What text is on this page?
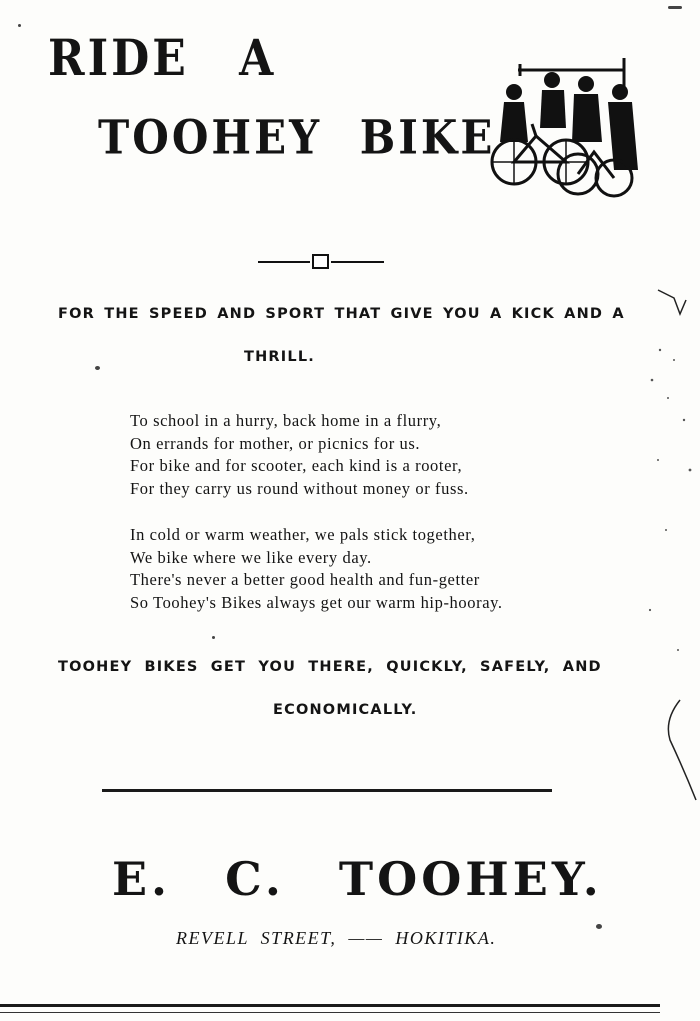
RIDE A
TOOHEY BIKE
FOR THE SPEED AND SPORT THAT GIVE YOU A KICK AND A
THRILL.
To school in a hurry, back home in a flurry,
On errands for mother, or picnics for us.
For bike and for scooter, each kind is a rooter,
For they carry us round without money or fuss.
In cold or warm weather, we pals stick together,
We bike where we like every day.
There's never a better good health and fun-getter
So Toohey's Bikes always get our warm hip-hooray.
TOOHEY BIKES GET YOU THERE, QUICKLY, SAFELY, AND
ECONOMICALLY.
E. C. TOOHEY.
REVELL STREET, —— HOKITIKA.
